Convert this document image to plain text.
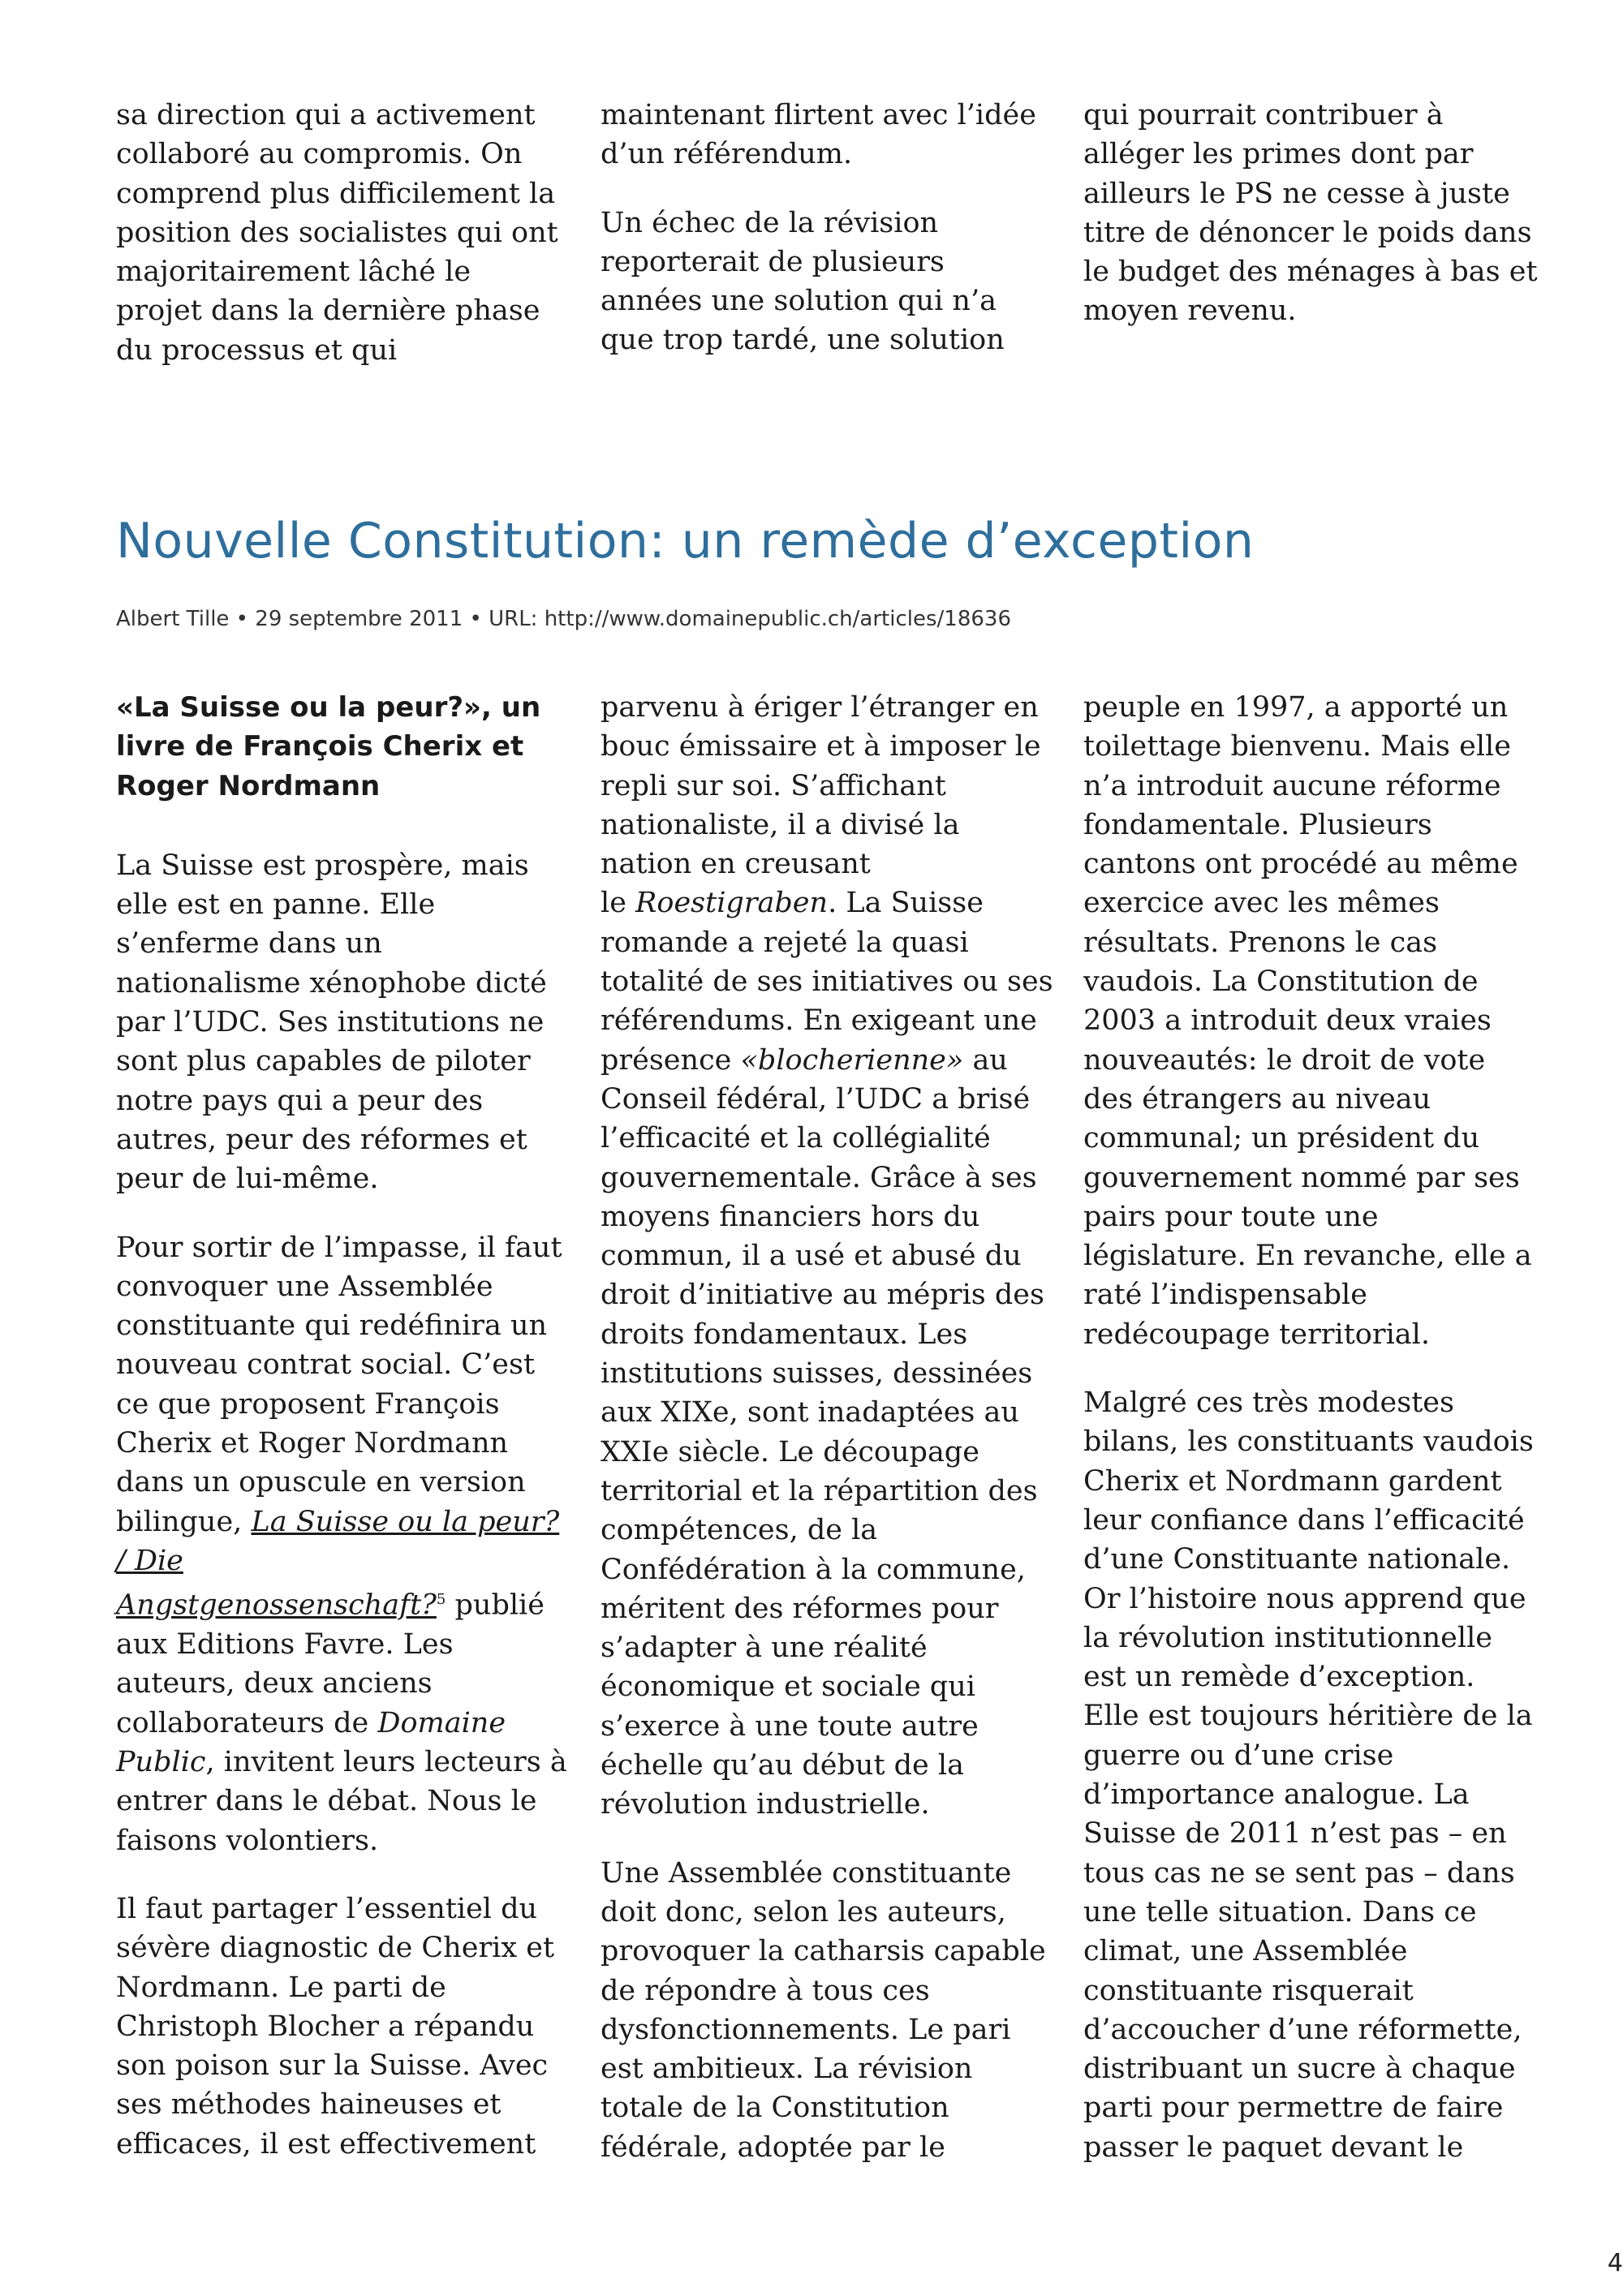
sa direction qui a activement
collaboré au compromis. On
comprend plus difficilement la
position des socialistes qui ont
majoritairement lâché le
projet dans la dernière phase
du processus et qui

maintenant flirtent avec l’idée
d’un référendum.

Un échec de la révision
reporterait de plusieurs
années une solution qui n’a
que trop tardé, une solution

qui pourrait contribuer à
alléger les primes dont par
ailleurs le PS ne cesse à juste
titre de dénoncer le poids dans
le budget des ménages à bas et
moyen revenu.

Nouvelle Constitution: un remède d’exception
Albert Tille • 29 septembre 2011 • URL: http://www.domainepublic.ch/articles/18636

«La Suisse ou la peur?», un
livre de François Cherix et
Roger Nordmann

La Suisse est prospère, mais
elle est en panne. Elle
s’enferme dans un
nationalisme xénophobe dicté
par l’UDC. Ses institutions ne
sont plus capables de piloter
notre pays qui a peur des
autres, peur des réformes et
peur de lui-même.

Pour sortir de l’impasse, il faut
convoquer une Assemblée
constituante qui redéfinira un
nouveau contrat social. C’est
ce que proposent François
Cherix et Roger Nordmann
dans un opuscule en version
bilingue, La Suisse ou la peur?
/ Die
Angstgenossenschaft?$^5$ publié
aux Editions Favre. Les
auteurs, deux anciens
collaborateurs de Domaine
Public, invitent leurs lecteurs à
entrer dans le débat. Nous le
faisons volontiers.

Il faut partager l’essentiel du
sévère diagnostic de Cherix et
Nordmann. Le parti de
Christoph Blocher a répandu
son poison sur la Suisse. Avec
ses méthodes haineuses et
efficaces, il est effectivement

parvenu à ériger l’étranger en
bouc émissaire et à imposer le
repli sur soi. S’affichant
nationaliste, il a divisé la
nation en creusant
le Roestigraben. La Suisse
romande a rejeté la quasi
totalité de ses initiatives ou ses
référendums. En exigeant une
présence «blocherienne» au
Conseil fédéral, l’UDC a brisé
l’efficacité et la collégialité
gouvernementale. Grâce à ses
moyens financiers hors du
commun, il a usé et abusé du
droit d’initiative au mépris des
droits fondamentaux. Les
institutions suisses, dessinées
aux XIXe, sont inadaptées au
XXIe siècle. Le découpage
territorial et la répartition des
compétences, de la
Confédération à la commune,
méritent des réformes pour
s’adapter à une réalité
économique et sociale qui
s’exerce à une toute autre
échelle qu’au début de la
révolution industrielle.

Une Assemblée constituante
doit donc, selon les auteurs,
provoquer la catharsis capable
de répondre à tous ces
dysfonctionnements. Le pari
est ambitieux. La révision
totale de la Constitution
fédérale, adoptée par le

peuple en 1997, a apporté un
toilettage bienvenu. Mais elle
n’a introduit aucune réforme
fondamentale. Plusieurs
cantons ont procédé au même
exercice avec les mêmes
résultats. Prenons le cas
vaudois. La Constitution de
2003 a introduit deux vraies
nouveautés: le droit de vote
des étrangers au niveau
communal; un président du
gouvernement nommé par ses
pairs pour toute une
législature. En revanche, elle a
raté l’indispensable
redécoupage territorial.

Malgré ces très modestes
bilans, les constituants vaudois
Cherix et Nordmann gardent
leur confiance dans l’efficacité
d’une Constituante nationale.
Or l’histoire nous apprend que
la révolution institutionnelle
est un remède d’exception.
Elle est toujours héritière de la
guerre ou d’une crise
d’importance analogue. La
Suisse de 2011 n’est pas – en
tous cas ne se sent pas – dans
une telle situation. Dans ce
climat, une Assemblée
constituante risquerait
d’accoucher d’une réformette,
distribuant un sucre à chaque
parti pour permettre de faire
passer le paquet devant le

4
